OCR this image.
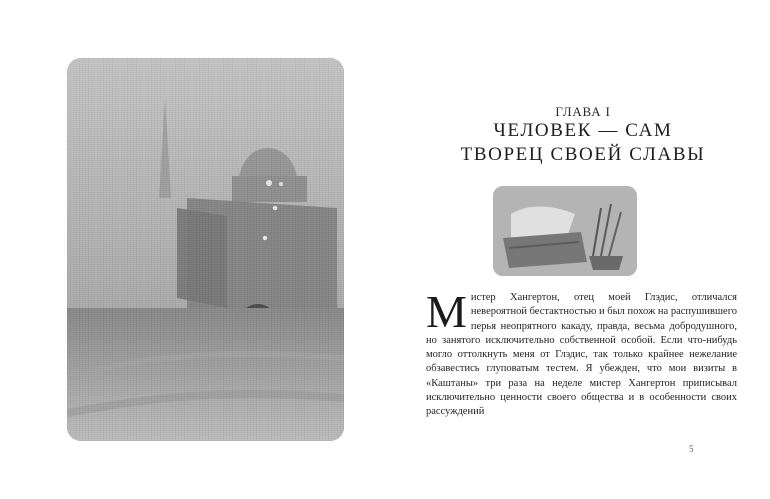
ГЛАВА I
ЧЕЛОВЕК — САМ
ТВОРЕЦ СВОЕЙ СЛАВЫ

М истер Хангертон, отец моей Глэдис, отличался невероятной бестактностью и был похож на распушившего перья неопрятного какаду, правда, весьма добродушного, но занятого исключительно собственной особой. Если что-нибудь могло оттолкнуть меня от Глэдис, так только крайнее нежелание обзавестись глуповатым тестем. Я убежден, что мои визиты в «Каштаны» три раза на неделе мистер Хангертон приписывал исключительно ценности своего общества и в особенности своих рассуждений

5
